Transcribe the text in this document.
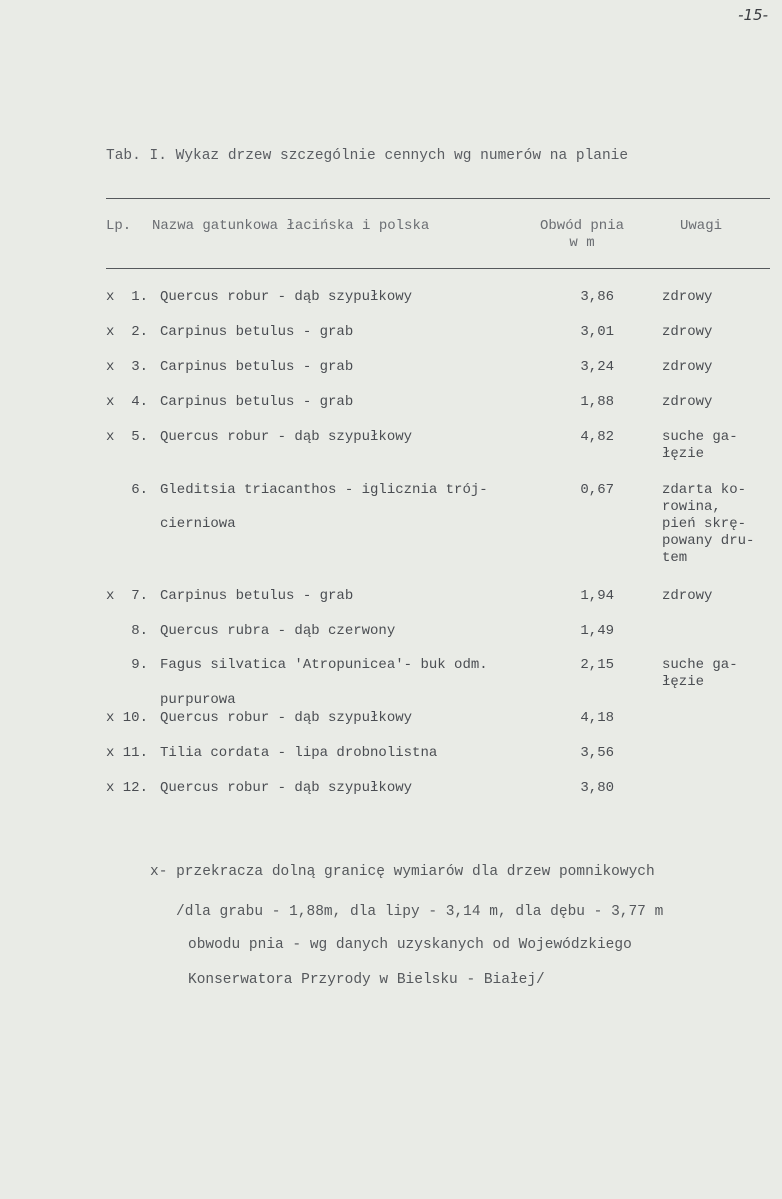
-15-
Tab. I. Wykaz drzew szczególnie cennych wg numerów na planie
Lp. Nazwa gatunkowa łacińska i polska	Obwód pnia
w m
Uwagi
x	1. Quercus robur - dąb szypułkowy	3,86	zdrowy
x	2. Carpinus betulus - grab	3,01	zdrowy
x	3. Carpinus betulus - grab	3,24	zdrowy
x	4. Carpinus betulus - grab	1,88	zdrowy
x	5. Quercus robur - dąb szypułkowy	4,82	suche ga-
łęzie
6. Gleditsia triacanthos - iglicznia trój-
cierniowa
0,67	zdarta ko-
rowina,
pień skrę-
powany dru-
tem
x	7. Carpinus betulus - grab	1,94	zdrowy
8. Quercus rubra - dąb czerwony	1,49
9. Fagus silvatica 'Atropunicea'- buk odm.
purpurowa
2,15	suche ga-
łęzie
x 10. Quercus robur - dąb szypułkowy	4,18
x 11. Tilia cordata - lipa drobnolistna	3,56
x 12. Quercus robur - dąb szypułkowy	3,80
x- przekracza dolną granicę wymiarów dla drzew pomnikowych
/dla grabu - 1,88m, dla lipy - 3,14 m, dla dębu - 3,77 m
obwodu pnia - wg danych uzyskanych od Wojewódzkiego
Konserwatora Przyrody w Bielsku - Białej/
